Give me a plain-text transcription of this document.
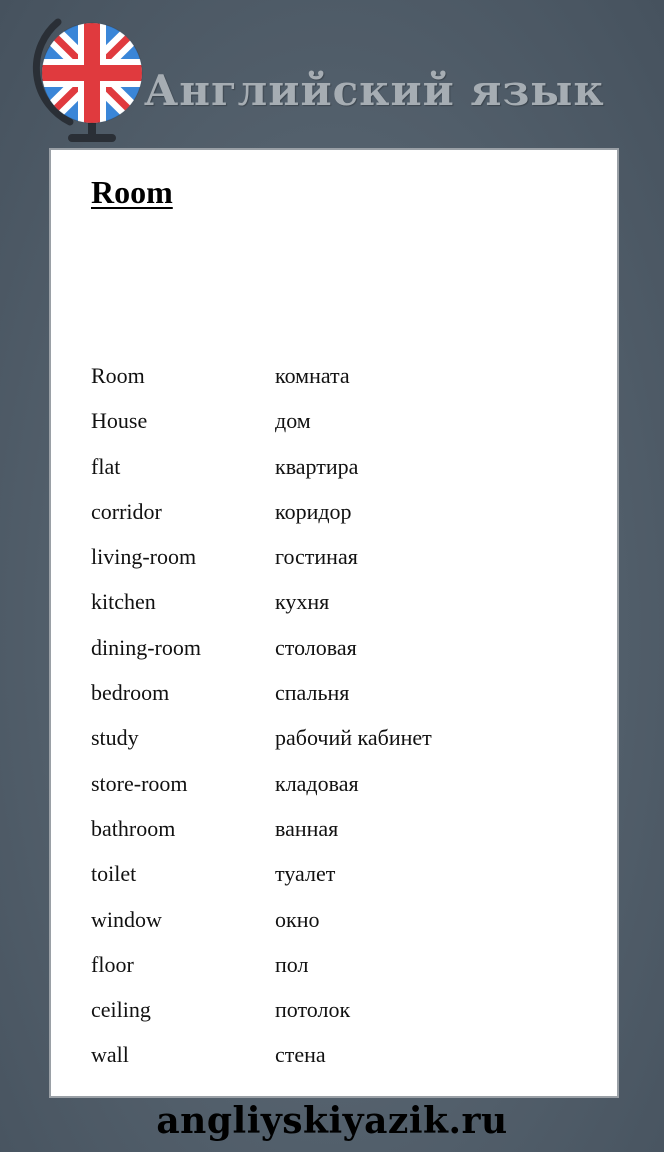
Английский язык
Room
Room	комната
House	дом
flat	квартира
corridor	коридор
living-room	гостиная
kitchen	кухня
dining-room	столовая
bedroom	спальня
study	рабочий кабинет
store-room	кладовая
bathroom	ванная
toilet	туалет
window	окно
floor	пол
ceiling	потолок
wall	стена
angliyskiyazik.ru
